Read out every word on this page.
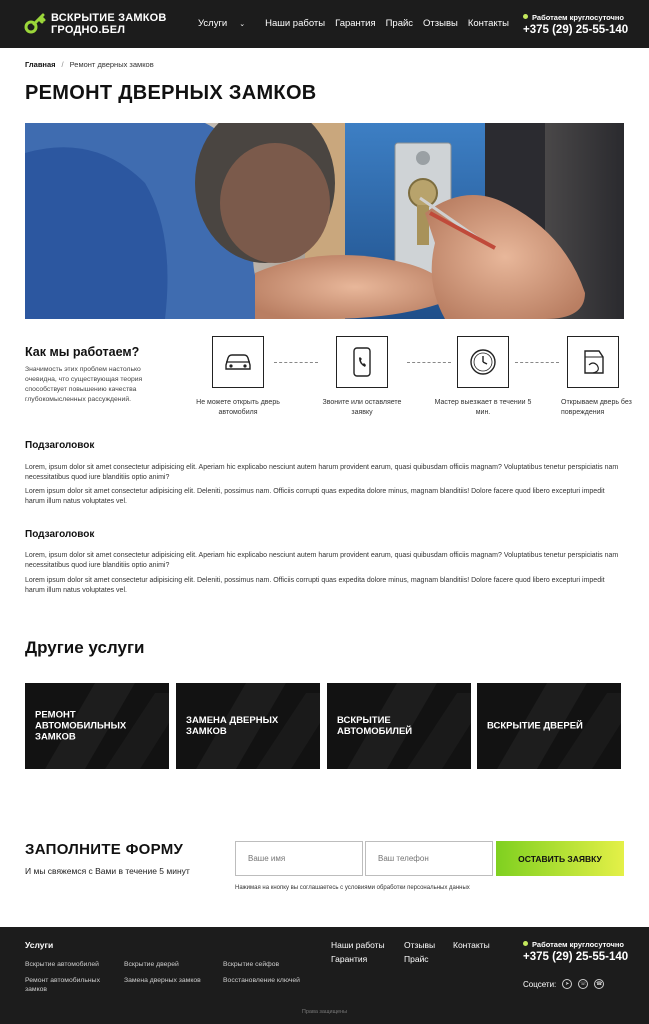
ВСКРЫТИЕ ЗАМКОВ
ГРОДНО.БЕЛ
Услуги ⌄	Наши работы Гарантия Прайс Отзывы Контакты
Работаем круглосуточно
+375 (29) 25-55-140
Главная / Ремонт дверных замков
РЕМОНТ ДВЕРНЫХ ЗАМКОВ
Как мы работаем?
Значимость этих проблем настолько очевидна, что существующая теория способствует повышению качества глубокомысленных рассуждений.	Не можете открыть дверь автомобиля
Звоните или оставляете заявку
Мастер выезжает в течении 5 мин.
Открываем дверь без повреждения
Подзаголовок
Lorem, ipsum dolor sit amet consectetur adipisicing elit. Aperiam hic explicabo nesciunt autem harum provident earum, quasi quibusdam officiis magnam? Voluptatibus tenetur perspiciatis nam necessitatibus quod iure blanditiis optio animi?
Lorem ipsum dolor sit amet consectetur adipisicing elit. Deleniti, possimus nam. Officiis corrupti quas expedita dolore minus, magnam blanditiis! Dolore facere quod libero excepturi impedit harum illum natus voluptates vel.
Подзаголовок
Lorem, ipsum dolor sit amet consectetur adipisicing elit. Aperiam hic explicabo nesciunt autem harum provident earum, quasi quibusdam officiis magnam? Voluptatibus tenetur perspiciatis nam necessitatibus quod iure blanditiis optio animi?
Lorem ipsum dolor sit amet consectetur adipisicing elit. Deleniti, possimus nam. Officiis corrupti quas expedita dolore minus, magnam blanditiis! Dolore facere quod libero excepturi impedit harum illum natus voluptates vel.
Другие услуги
РЕМОНТ АВТОМОБИЛЬНЫХ ЗАМКОВ
ЗАМЕНА ДВЕРНЫХ ЗАМКОВ
ВСКРЫТИЕ АВТОМОБИЛЕЙ	ВСКРЫТИЕ ДВЕРЕЙ
ЗАПОЛНИТЕ ФОРМУ
И мы свяжемся с Вами в течение 5 минут
Ваше имя
Ваш телефон
ОСТАВИТЬ ЗАЯВКУ
Нажимая на кнопку вы соглашаетесь с условиями обработки персональных данных
Услуги
Вскрытие автомобилей	Вскрытие дверей	Вскрытие сейфов
Ремонт автомобильных замков
Замена дверных замков	Восстановление ключей
Наши работы Отзывы Контакты
Гарантия	Прайс
Работаем круглосуточно
+375 (29) 25-55-140
Соцсети:	➤	☏	☎
Права защищены
